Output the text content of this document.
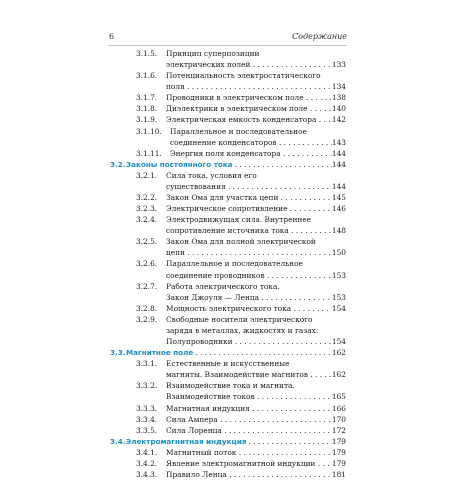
6	Содержание
3.1.5. Принцип суперпозиции
электрических полей . . .	133
3.1.6. Потенциальность электростатического
поля . . .	134
3.1.7. Проводники в электрическом поле . . .	138
3.1.8. Диэлектрики в электрическом поле . . .	140
3.1.9. Электрическая емкость конденсатора . . .	142
3.1.10. Параллельное и последовательное
соединение конденсаторов . . .	143
3.1.11. Энергия поля конденсатора . . .	144
3.2. Законы постоянного тока . . .	144
3.2.1. Сила тока, условия его
существования . . .	144
3.2.2. Закон Ома для участка цепи . . .	145
3.2.3. Электрическое сопротивление . . .	146
3.2.4. Электродвижущая сила. Внутреннее
сопротивление источника тока . . .	148
3.2.5. Закон Ома для полной электрической
цепи . . .	150
3.2.6. Параллельное и последовательное
соединение проводников . . .	153
3.2.7. Работа электрического тока.
Закон Джоуля — Ленца . . .	153
3.2.8. Мощность электрического тока . . .	154
3.2.9. Свободные носители электрического
заряда в металлах, жидкостях и газах.
Полупроводники . . .	154
3.3. Магнитное поле . . .	162
3.3.1. Естественные и искусственные
магниты. Взаимодействие магнитов . . .	162
3.3.2. Взаимодействие тока и магнита.
Взаимодействие токов . . .	165
3.3.3. Магнитная индукция . . .	166
3.3.4. Сила Ампера . . .	170
3.3.5. Сила Лоренца . . .	172
3.4. Электромагнитная индукция . . .	179
3.4.1. Магнитный поток . . .	179
3.4.2. Явление электромагнитной индукции . . .	179
3.4.3. Правило Ленца . . .	181
